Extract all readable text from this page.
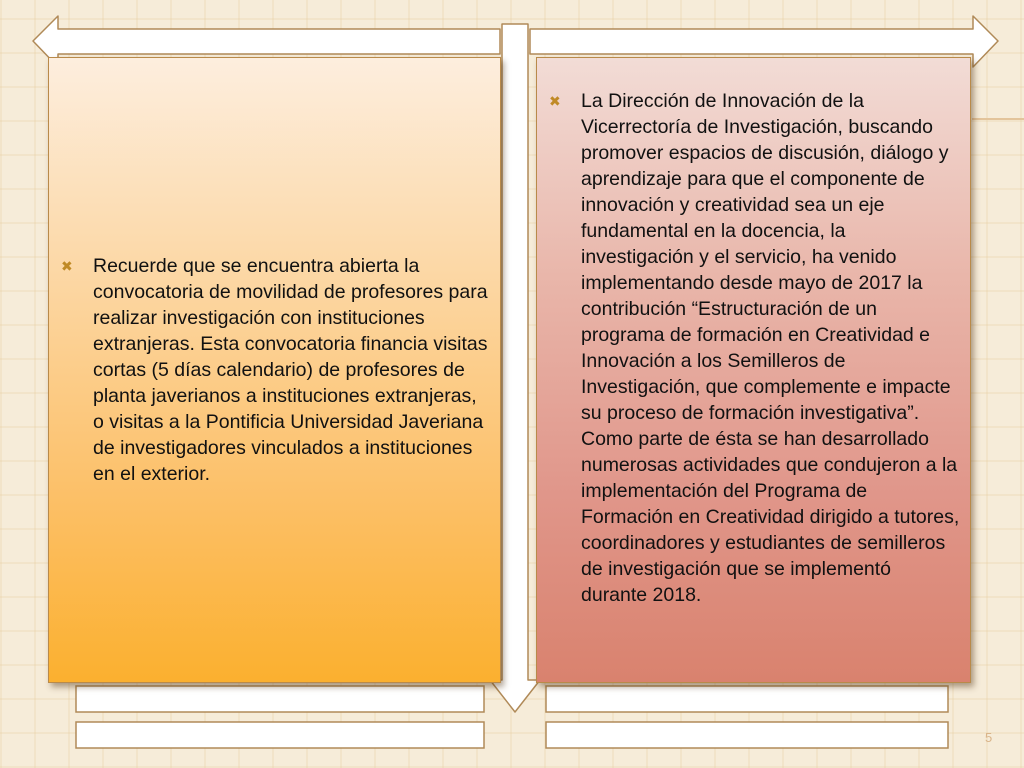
✖	Recuerde que se encuentra abierta la convocatoria de movilidad de profesores para realizar investigación con instituciones extranjeras. Esta convocatoria financia visitas cortas (5 días calendario) de profesores de planta javerianos a instituciones extranjeras, o visitas a la Pontificia Universidad Javeriana de investigadores vinculados a instituciones en el exterior.
✖	La Dirección de Innovación de la Vicerrectoría de Investigación, buscando promover espacios de discusión, diálogo y aprendizaje para que el componente de innovación y creatividad sea un eje fundamental en la docencia, la investigación y el servicio, ha venido implementando desde mayo de 2017 la contribución “Estructuración de un programa de formación en Creatividad e Innovación a los Semilleros de Investigación, que complemente e impacte su proceso de formación investigativa”. Como parte de ésta se han desarrollado numerosas actividades que condujeron a la implementación del Programa de Formación en Creatividad dirigido a tutores, coordinadores y estudiantes de semilleros de investigación que se implementó durante 2018.
5
